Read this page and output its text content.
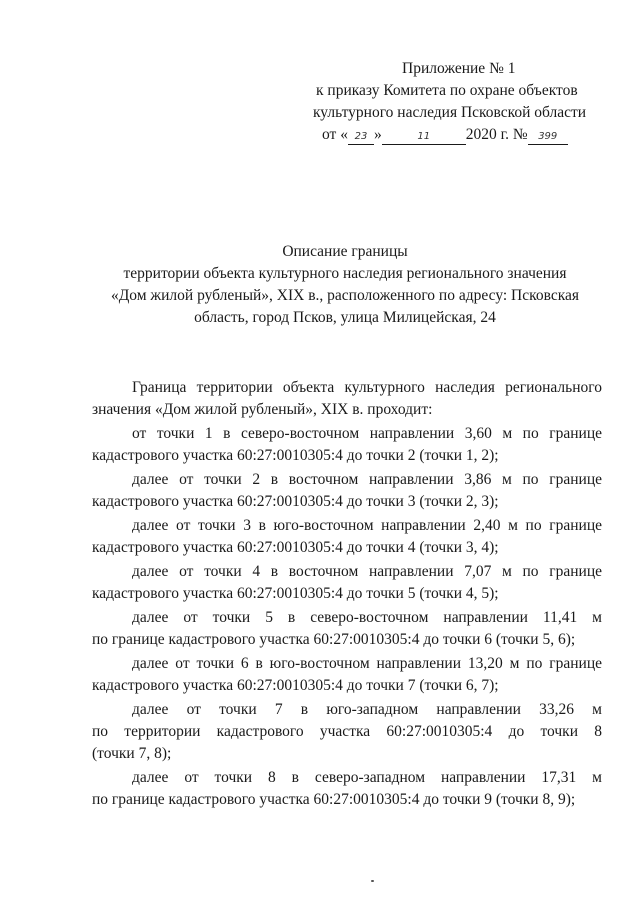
Приложение № 1
к приказу Комитета по охране объектов
культурного наследия Псковской области
от « 23 »	11 2020 г. № 399
Описание границы
территории объекта культурного наследия регионального значения
«Дом жилой рубленый», XIX в., расположенного по адресу: Псковская
область, город Псков, улица Милицейская, 24

Граница территории объекта культурного наследия регионального
значения «Дом жилой рубленый», XIX в. проходит:

от точки 1 в северо-восточном направлении 3,60 м по границе
кадастрового участка 60:27:0010305:4 до точки 2 (точки 1, 2);

далее от точки 2 в восточном направлении 3,86 м по границе
кадастрового участка 60:27:0010305:4 до точки 3 (точки 2, 3);

далее от точки 3 в юго-восточном направлении 2,40 м по границе
кадастрового участка 60:27:0010305:4 до точки 4 (точки 3, 4);

далее от точки 4 в восточном направлении 7,07 м по границе
кадастрового участка 60:27:0010305:4 до точки 5 (точки 4, 5);

далее от точки 5 в северо-восточном направлении 11,41 м
по границе кадастрового участка 60:27:0010305:4 до точки 6 (точки 5, 6);

далее от точки 6 в юго-восточном направлении 13,20 м по границе
кадастрового участка 60:27:0010305:4 до точки 7 (точки 6, 7);

далее от точки 7 в юго-западном направлении 33,26 м
по территории кадастрового участка 60:27:0010305:4 до точки 8
(точки 7, 8);

далее от точки 8 в северо-западном направлении 17,31 м
по границе кадастрового участка 60:27:0010305:4 до точки 9 (точки 8, 9);
